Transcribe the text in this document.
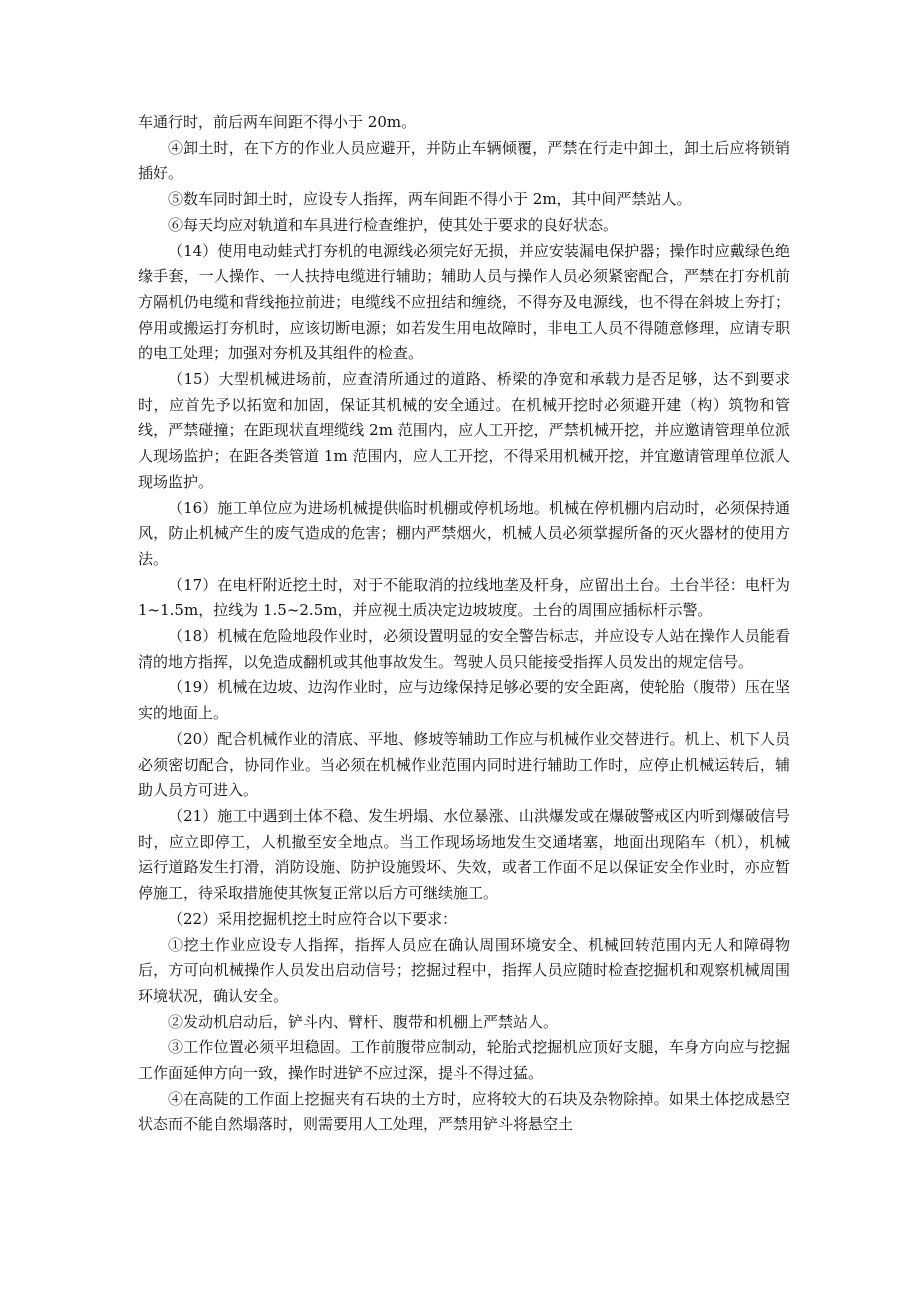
车通行时，前后两车间距不得小于 20m。

④卸土时，在下方的作业人员应避开，并防止车辆倾覆，严禁在行走中卸土，卸土后应将锁销插好。

⑤数车同时卸土时，应设专人指挥，两车间距不得小于 2m，其中间严禁站人。

⑥每天均应对轨道和车具进行检查维护，使其处于要求的良好状态。

（14）使用电动蛙式打夯机的电源线必须完好无损，并应安装漏电保护器；操作时应戴绿色绝缘手套，一人操作、一人扶持电缆进行辅助；辅助人员与操作人员必须紧密配合，严禁在打夯机前方隔机仍电缆和背线拖拉前进；电缆线不应扭结和缠绕，不得夯及电源线，也不得在斜坡上夯打；停用或搬运打夯机时，应该切断电源；如若发生用电故障时，非电工人员不得随意修理，应请专职的电工处理；加强对夯机及其组件的检查。

（15）大型机械进场前，应查清所通过的道路、桥梁的净宽和承载力是否足够，达不到要求时，应首先予以拓宽和加固，保证其机械的安全通过。在机械开挖时必须避开建（构）筑物和管线，严禁碰撞；在距现状直埋缆线 2m 范围内，应人工开挖，严禁机械开挖，并应邀请管理单位派人现场监护；在距各类管道 1m 范围内，应人工开挖，不得采用机械开挖，并宜邀请管理单位派人现场监护。

（16）施工单位应为进场机械提供临时机棚或停机场地。机械在停机棚内启动时，必须保持通风，防止机械产生的废气造成的危害；棚内严禁烟火，机械人员必须掌握所备的灭火器材的使用方法。

（17）在电杆附近挖土时，对于不能取消的拉线地垄及杆身，应留出土台。土台半径：电杆为 1~1.5m，拉线为 1.5~2.5m，并应视土质决定边坡坡度。土台的周围应插标杆示警。

（18）机械在危险地段作业时，必须设置明显的安全警告标志，并应设专人站在操作人员能看清的地方指挥，以免造成翻机或其他事故发生。驾驶人员只能接受指挥人员发出的规定信号。

（19）机械在边坡、边沟作业时，应与边缘保持足够必要的安全距离，使轮胎（腹带）压在坚实的地面上。

（20）配合机械作业的清底、平地、修坡等辅助工作应与机械作业交替进行。机上、机下人员必须密切配合，协同作业。当必须在机械作业范围内同时进行辅助工作时，应停止机械运转后，辅助人员方可进入。

（21）施工中遇到土体不稳、发生坍塌、水位暴涨、山洪爆发或在爆破警戒区内听到爆破信号时，应立即停工，人机撤至安全地点。当工作现场场地发生交通堵塞，地面出现陷车（机），机械运行道路发生打滑，消防设施、防护设施毁坏、失效，或者工作面不足以保证安全作业时，亦应暂停施工，待采取措施使其恢复正常以后方可继续施工。

（22）采用挖掘机挖土时应符合以下要求：

①挖土作业应设专人指挥，指挥人员应在确认周围环境安全、机械回转范围内无人和障碍物后，方可向机械操作人员发出启动信号；挖掘过程中，指挥人员应随时检查挖掘机和观察机械周围环境状况，确认安全。

②发动机启动后，铲斗内、臂杆、腹带和机棚上严禁站人。

③工作位置必须平坦稳固。工作前腹带应制动，轮胎式挖掘机应顶好支腿，车身方向应与挖掘工作面延伸方向一致，操作时进铲不应过深，提斗不得过猛。

④在高陡的工作面上挖掘夹有石块的土方时，应将较大的石块及杂物除掉。如果土体挖成悬空状态而不能自然塌落时，则需要用人工处理，严禁用铲斗将悬空土
